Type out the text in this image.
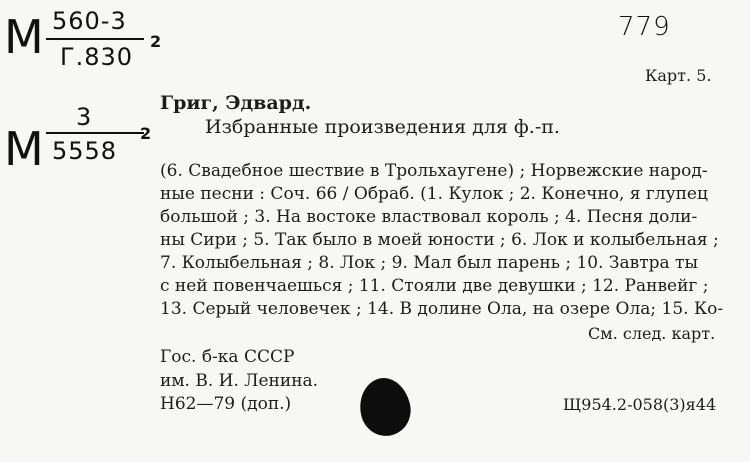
М 560-3
Г.830
2	779
Карт. 5.
М
3
5558
2
Григ, Эдвард.
Избранные произведения для ф.-п.
(6. Свадебное шествие в Трольхаугене) ; Норвежские народ-
ные песни : Соч. 66 / Обраб. (1. Кулок ; 2. Конечно, я глупец
большой ; 3. На востоке властвовал король ; 4. Песня доли-
ны Сири ; 5. Так было в моей юности ; 6. Лок и колыбельная ;
7. Колыбельная ; 8. Лок ; 9. Мал был парень ; 10. Завтра ты
с ней повенчаешься ; 11. Стояли две девушки ; 12. Ранвейг ;
13. Серый человечек ; 14. В долине Ола, на озере Ола; 15. Ко-
См. след. карт.
Гос. б-ка СССР
им. В. И. Ленина.
Н62—79 (доп.)	Щ954.2-058(3)я44
